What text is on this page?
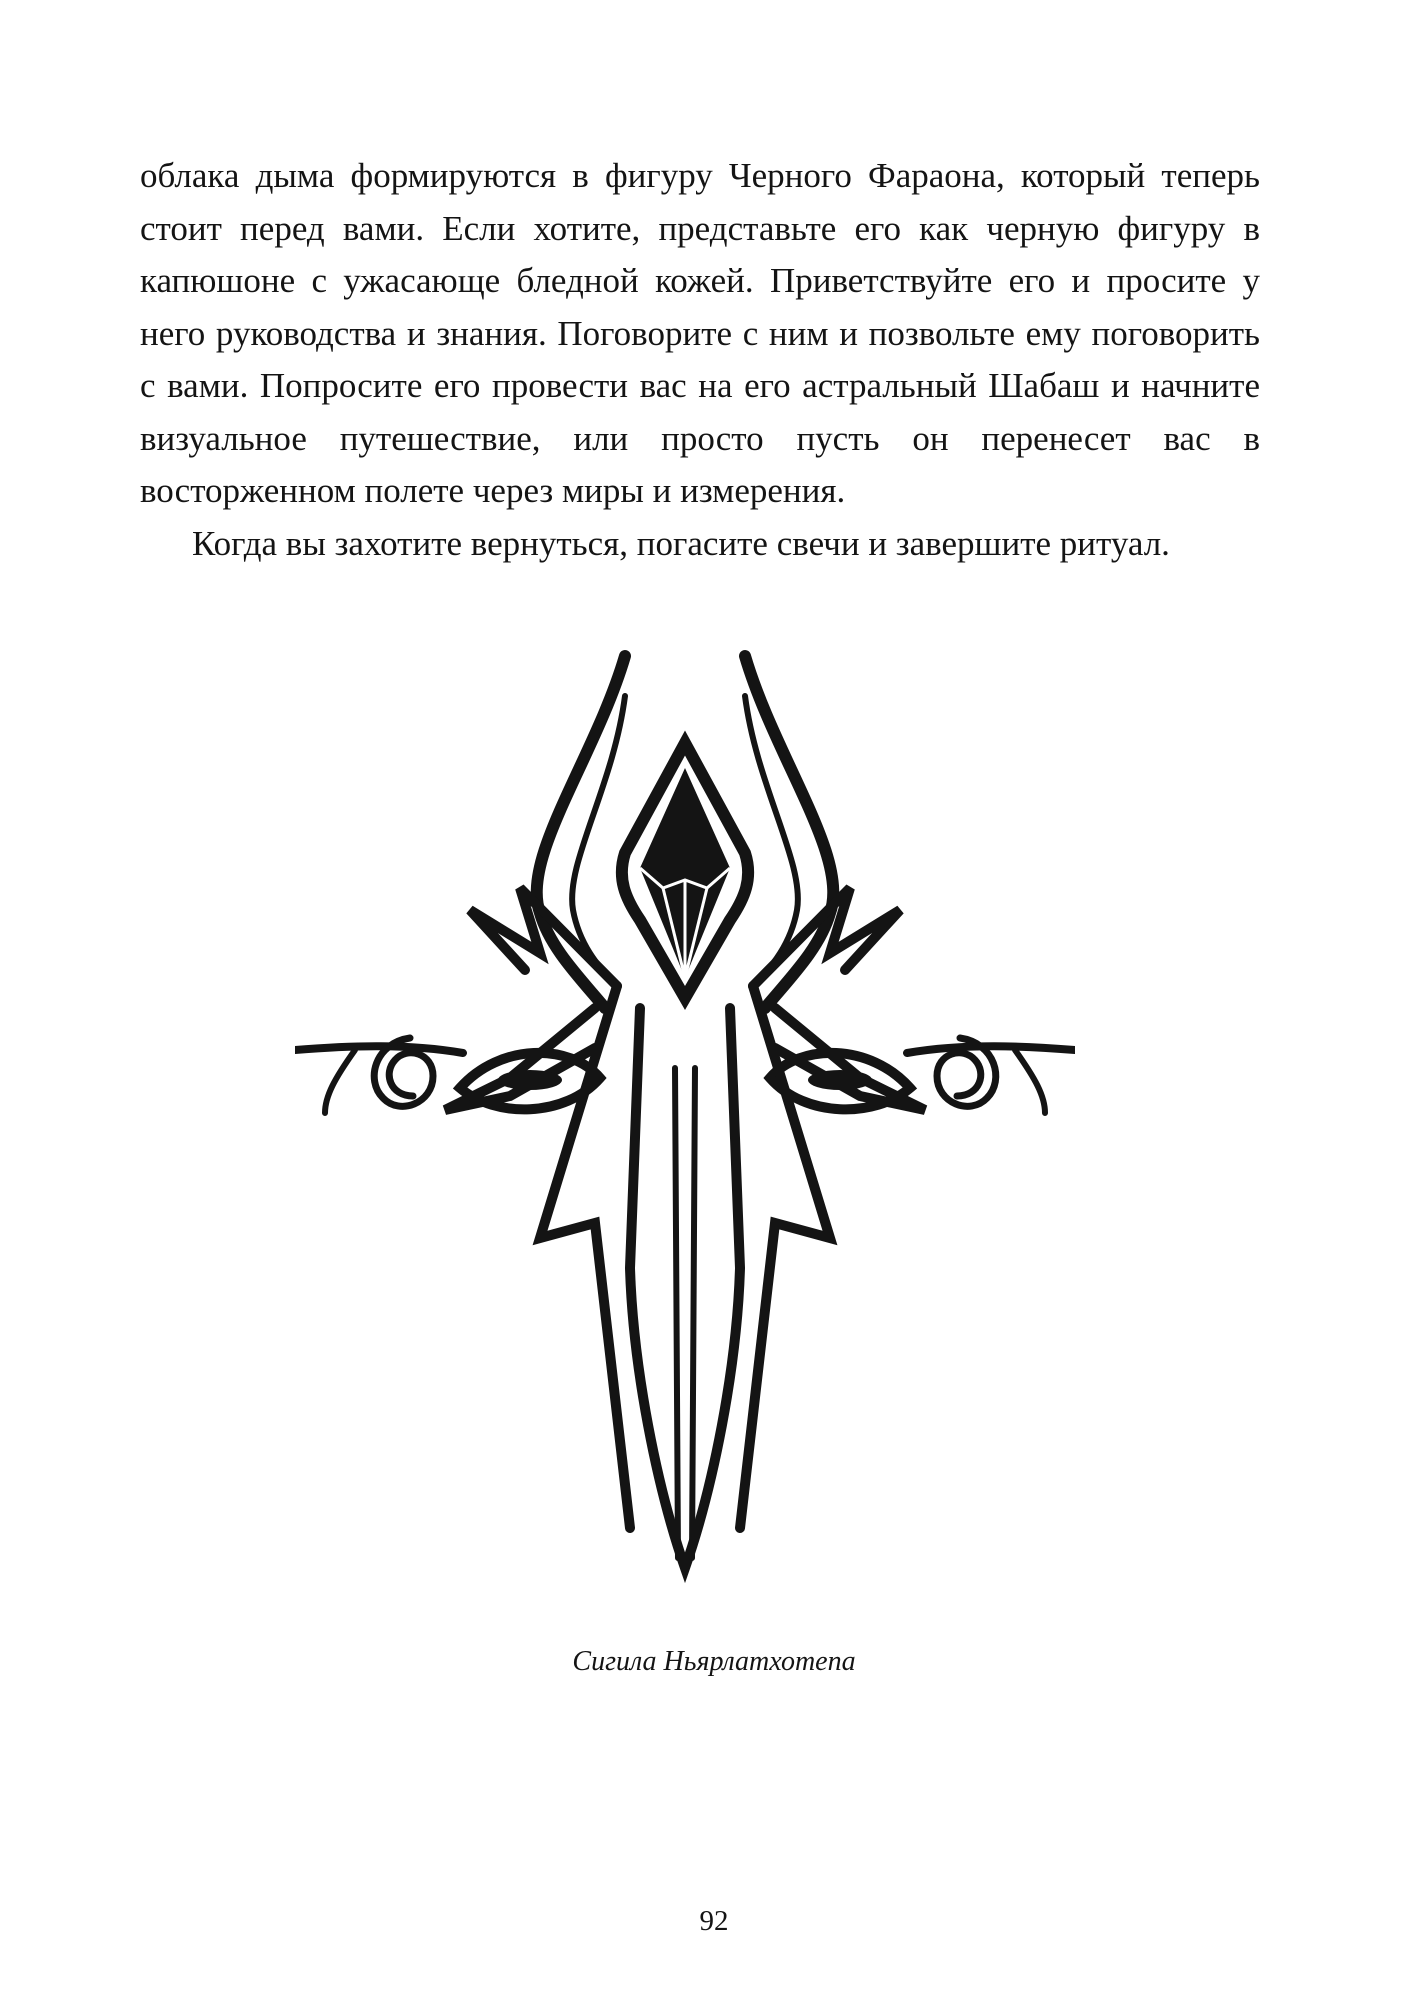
облака дыма формируются в фигуру Черного Фараона, который теперь стоит перед вами. Если хотите, представьте его как черную фигуру в капюшоне с ужасающе бледной кожей. Приветствуйте его и просите у него руководства и знания. Поговорите с ним и позвольте ему поговорить с вами. Попросите его провести вас на его астральный Шабаш и начните визуальное путешествие, или просто пусть он перенесет вас в восторженном полете через миры и измерения.

Когда вы захотите вернуться, погасите свечи и завершите ритуал.

Сигила Ньярлатхотепа
92
